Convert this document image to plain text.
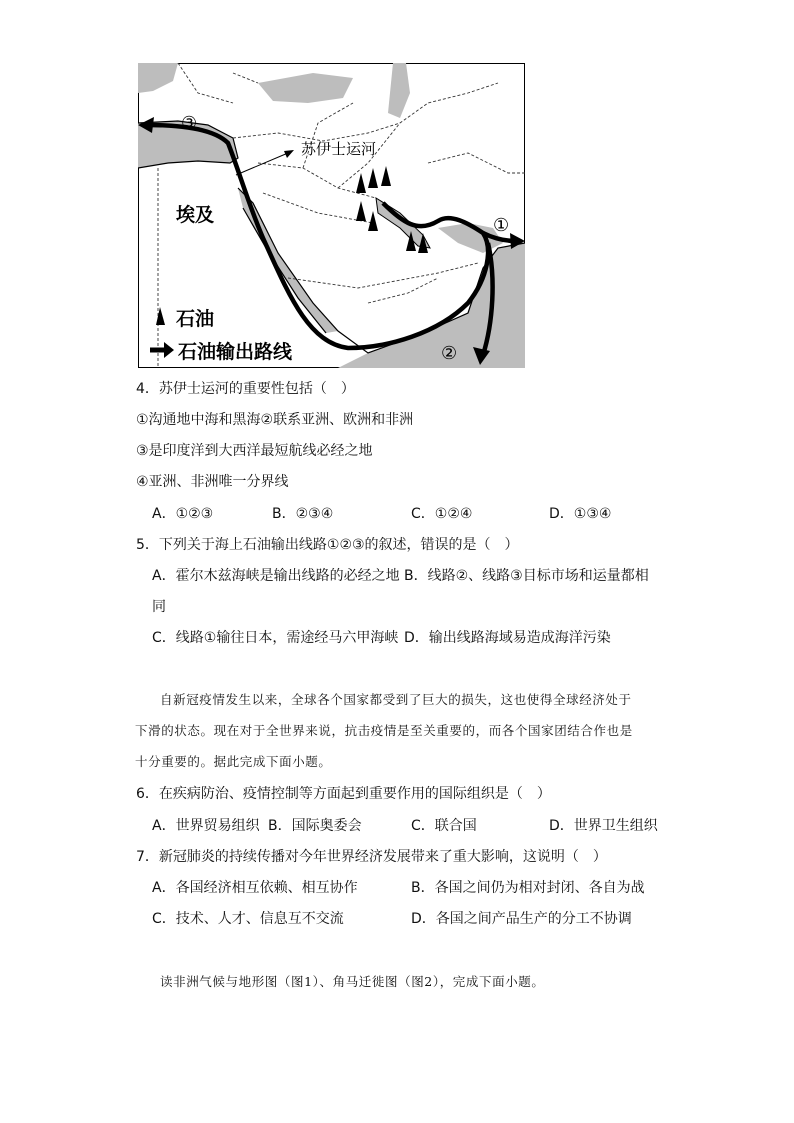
苏伊士运河
埃及	①
②
③
石油
石油输出路线
4．苏伊士运河的重要性包括（　）
①沟通地中海和黑海②联系亚洲、欧洲和非洲
③是印度洋到大西洋最短航线必经之地
④亚洲、非洲唯一分界线
A．①②③	B．②③④	C．①②④	D．①③④
5．下列关于海上石油输出线路①②③的叙述，错误的是（　）
A．霍尔木兹海峡是输出线路的必经之地 B．线路②、线路③目标市场和运量都相
同
C．线路①输往日本，需途经马六甲海峡 D．输出线路海域易造成海洋污染
自新冠疫情发生以来，全球各个国家都受到了巨大的损失，这也使得全球经济处于
下滑的状态。现在对于全世界来说，抗击疫情是至关重要的，而各个国家团结合作也是
十分重要的。据此完成下面小题。
6．在疾病防治、疫情控制等方面起到重要作用的国际组织是（　）
A．世界贸易组织 B．国际奥委会	C．联合国	D．世界卫生组织
7．新冠肺炎的持续传播对今年世界经济发展带来了重大影响，这说明（　）
A．各国经济相互依赖、相互协作	B．各国之间仍为相对封闭、各自为战
C．技术、人才、信息互不交流	D．各国之间产品生产的分工不协调
读非洲气候与地形图（图1）、角马迁徙图（图2），完成下面小题。
